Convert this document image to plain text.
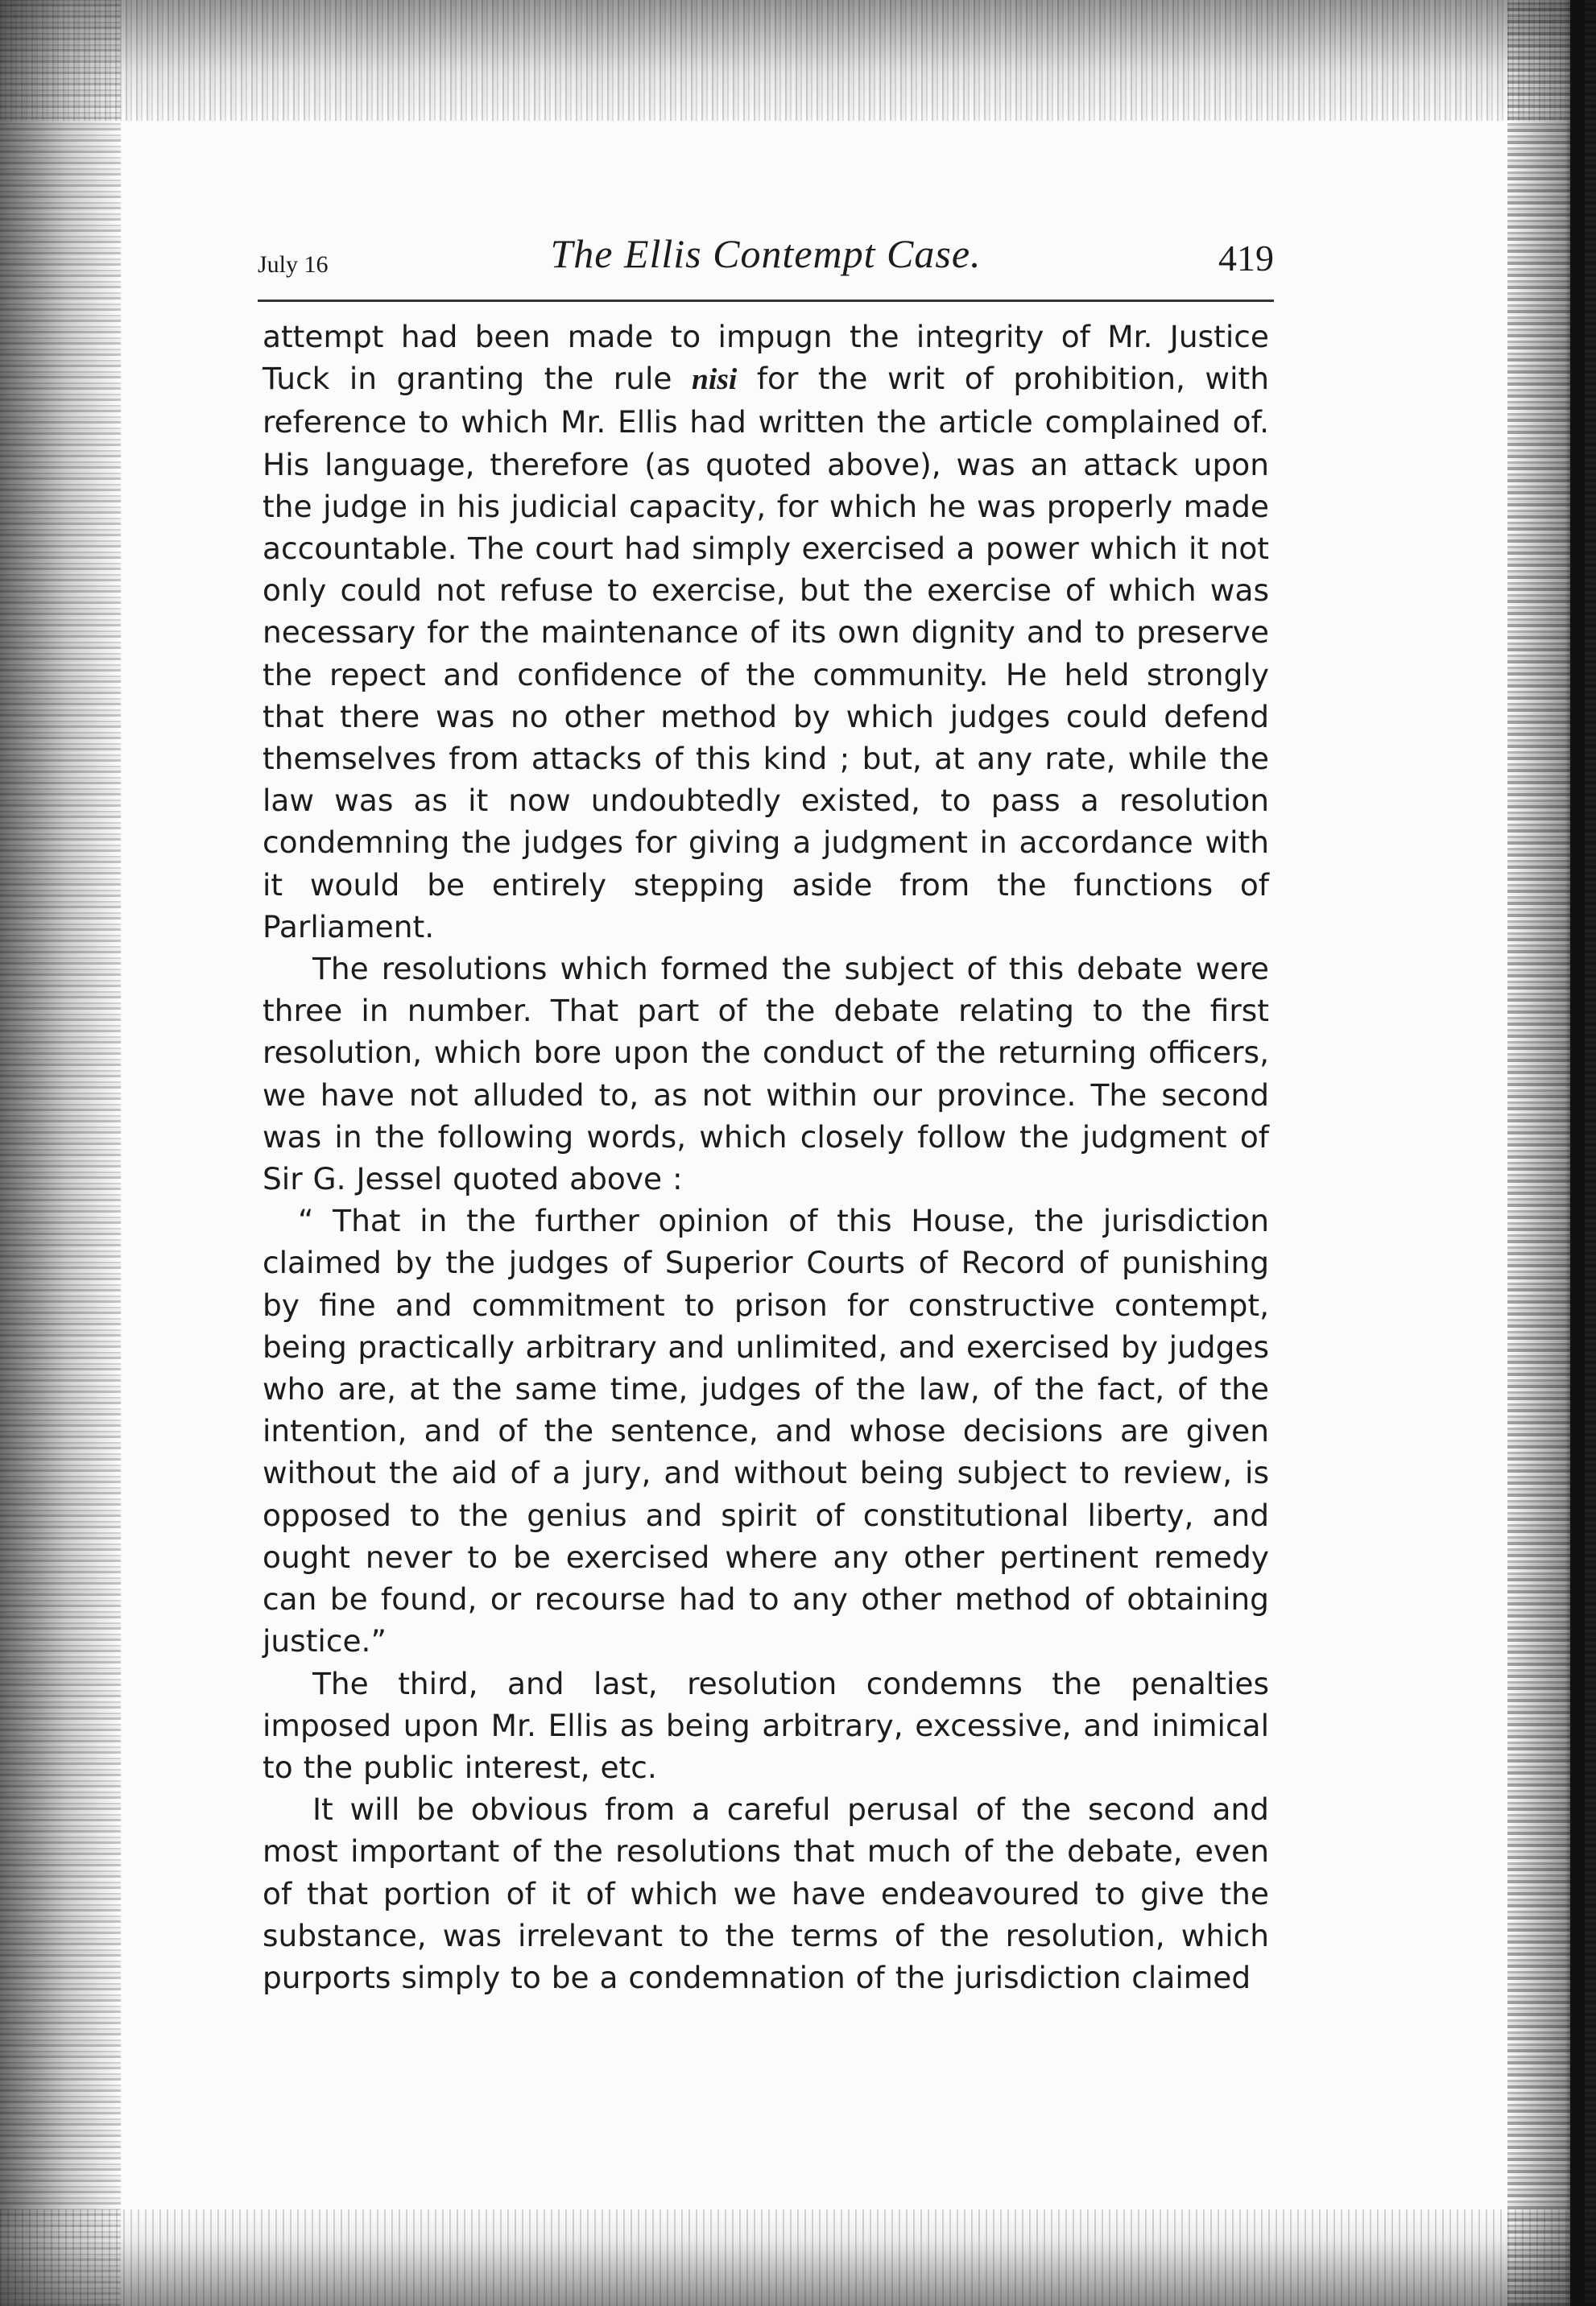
July 16	The Ellis Contempt Case.	419

attempt had been made to impugn the integrity of Mr. Justice Tuck in granting the rule nisi for the writ of prohibition, with reference to which Mr. Ellis had written the article complained of. His language, therefore (as quoted above), was an attack upon the judge in his judicial capacity, for which he was properly made accountable. The court had simply exercised a power which it not only could not refuse to exercise, but the exercise of which was necessary for the maintenance of its own dignity and to preserve the repect and confidence of the community. He held strongly that there was no other method by which judges could defend themselves from attacks of this kind ; but, at any rate, while the law was as it now undoubtedly existed, to pass a resolution condemning the judges for giving a judgment in accordance with it would be entirely stepping aside from the functions of Parliament.

The resolutions which formed the subject of this debate were three in number. That part of the debate relating to the first resolution, which bore upon the conduct of the returning officers, we have not alluded to, as not within our province. The second was in the following words, which closely follow the judgment of Sir G. Jessel quoted above :

“ That in the further opinion of this House, the jurisdiction claimed by the judges of Superior Courts of Record of punishing by fine and commitment to prison for constructive contempt, being practically arbitrary and unlimited, and exercised by judges who are, at the same time, judges of the law, of the fact, of the intention, and of the sentence, and whose decisions are given without the aid of a jury, and without being subject to review, is opposed to the genius and spirit of constitutional liberty, and ought never to be exercised where any other pertinent remedy can be found, or recourse had to any other method of obtaining justice.”

The third, and last, resolution condemns the penalties imposed upon Mr. Ellis as being arbitrary, excessive, and inimical to the public interest, etc.

It will be obvious from a careful perusal of the second and most important of the resolutions that much of the debate, even of that portion of it of which we have endeavoured to give the substance, was irrelevant to the terms of the resolution, which purports simply to be a condemnation of the jurisdiction claimed
